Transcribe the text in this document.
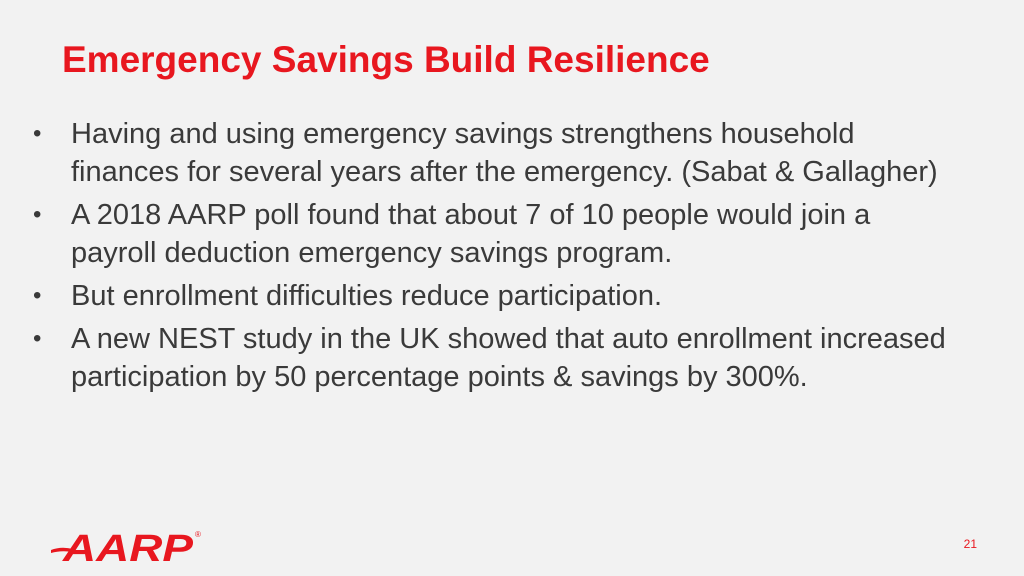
Emergency Savings Build Resilience
• Having and using emergency savings strengthens household finances for several years after the emergency. (Sabat & Gallagher)
• A 2018 AARP poll found that about 7 of 10 people would join a payroll deduction emergency savings program.
• But enrollment difficulties reduce participation.
• A new NEST study in the UK showed that auto enrollment increased participation by 50 percentage points & savings by 300%.
AARP ®
21
